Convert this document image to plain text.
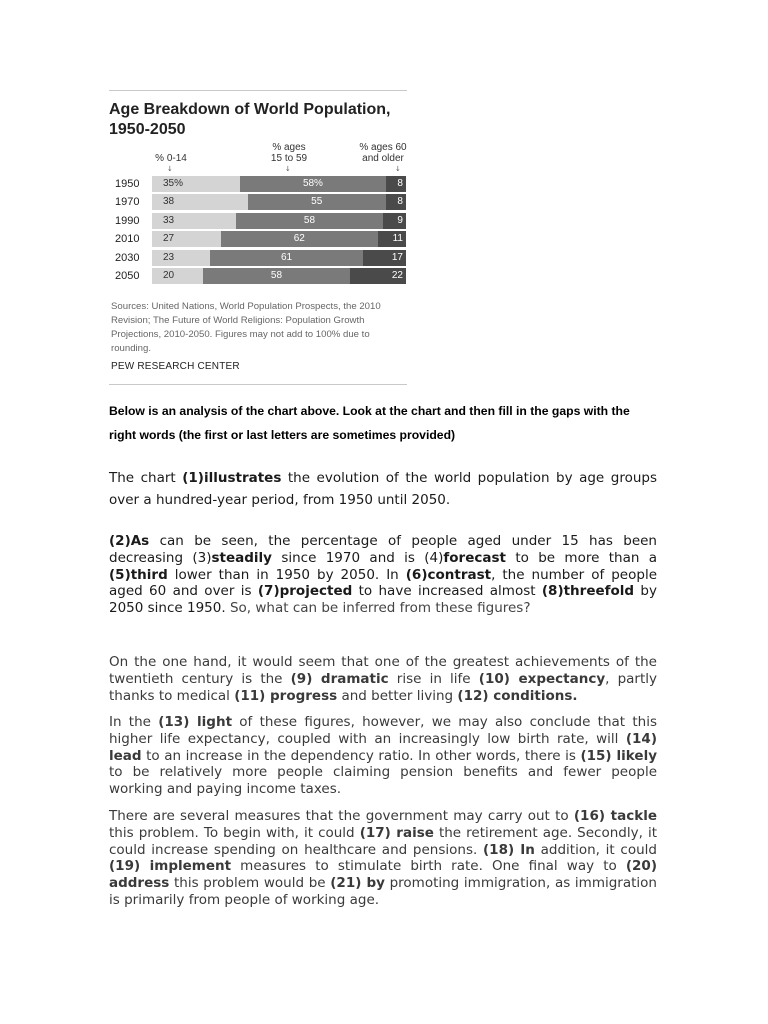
Age Breakdown of World Population, 1950-2050
% 0-14
% ages
15 to 59
% ages 60
and older
↓	↓	↓
1950	35%	58%	8
1970	38	55	8
1990	33	58	9
2010	27	62	11
2030	23	61	17
2050	20	58	22
Sources: United Nations, World Population Prospects, the 2010 Revision; The Future of World Religions: Population Growth Projections, 2010-2050. Figures may not add to 100% due to rounding.
PEW RESEARCH CENTER
Below is an analysis of the chart above. Look at the chart and then fill in the gaps with the right words (the first or last letters are sometimes provided)

The chart (1)illustrates the evolution of the world population by age groups over a hundred-year period, from 1950 until 2050.

(2)As can be seen, the percentage of people aged under 15 has been decreasing (3)steadily since 1970 and is (4)forecast to be more than a (5)third lower than in 1950 by 2050. In (6)contrast, the number of people aged 60 and over is (7)projected to have increased almost (8)threefold by 2050 since 1950. So, what can be inferred from these figures?

On the one hand, it would seem that one of the greatest achievements of the twentieth century is the (9) dramatic rise in life (10) expectancy, partly thanks to medical (11) progress and better living (12) conditions.

In the (13) light of these figures, however, we may also conclude that this higher life expectancy, coupled with an increasingly low birth rate, will (14) lead to an increase in the dependency ratio. In other words, there is (15) likely to be relatively more people claiming pension benefits and fewer people working and paying income taxes.

There are several measures that the government may carry out to (16) tackle this problem. To begin with, it could (17) raise the retirement age. Secondly, it could increase spending on healthcare and pensions. (18) In addition, it could (19) implement measures to stimulate birth rate. One final way to (20) address this problem would be (21) by promoting immigration, as immigration is primarily from people of working age.
